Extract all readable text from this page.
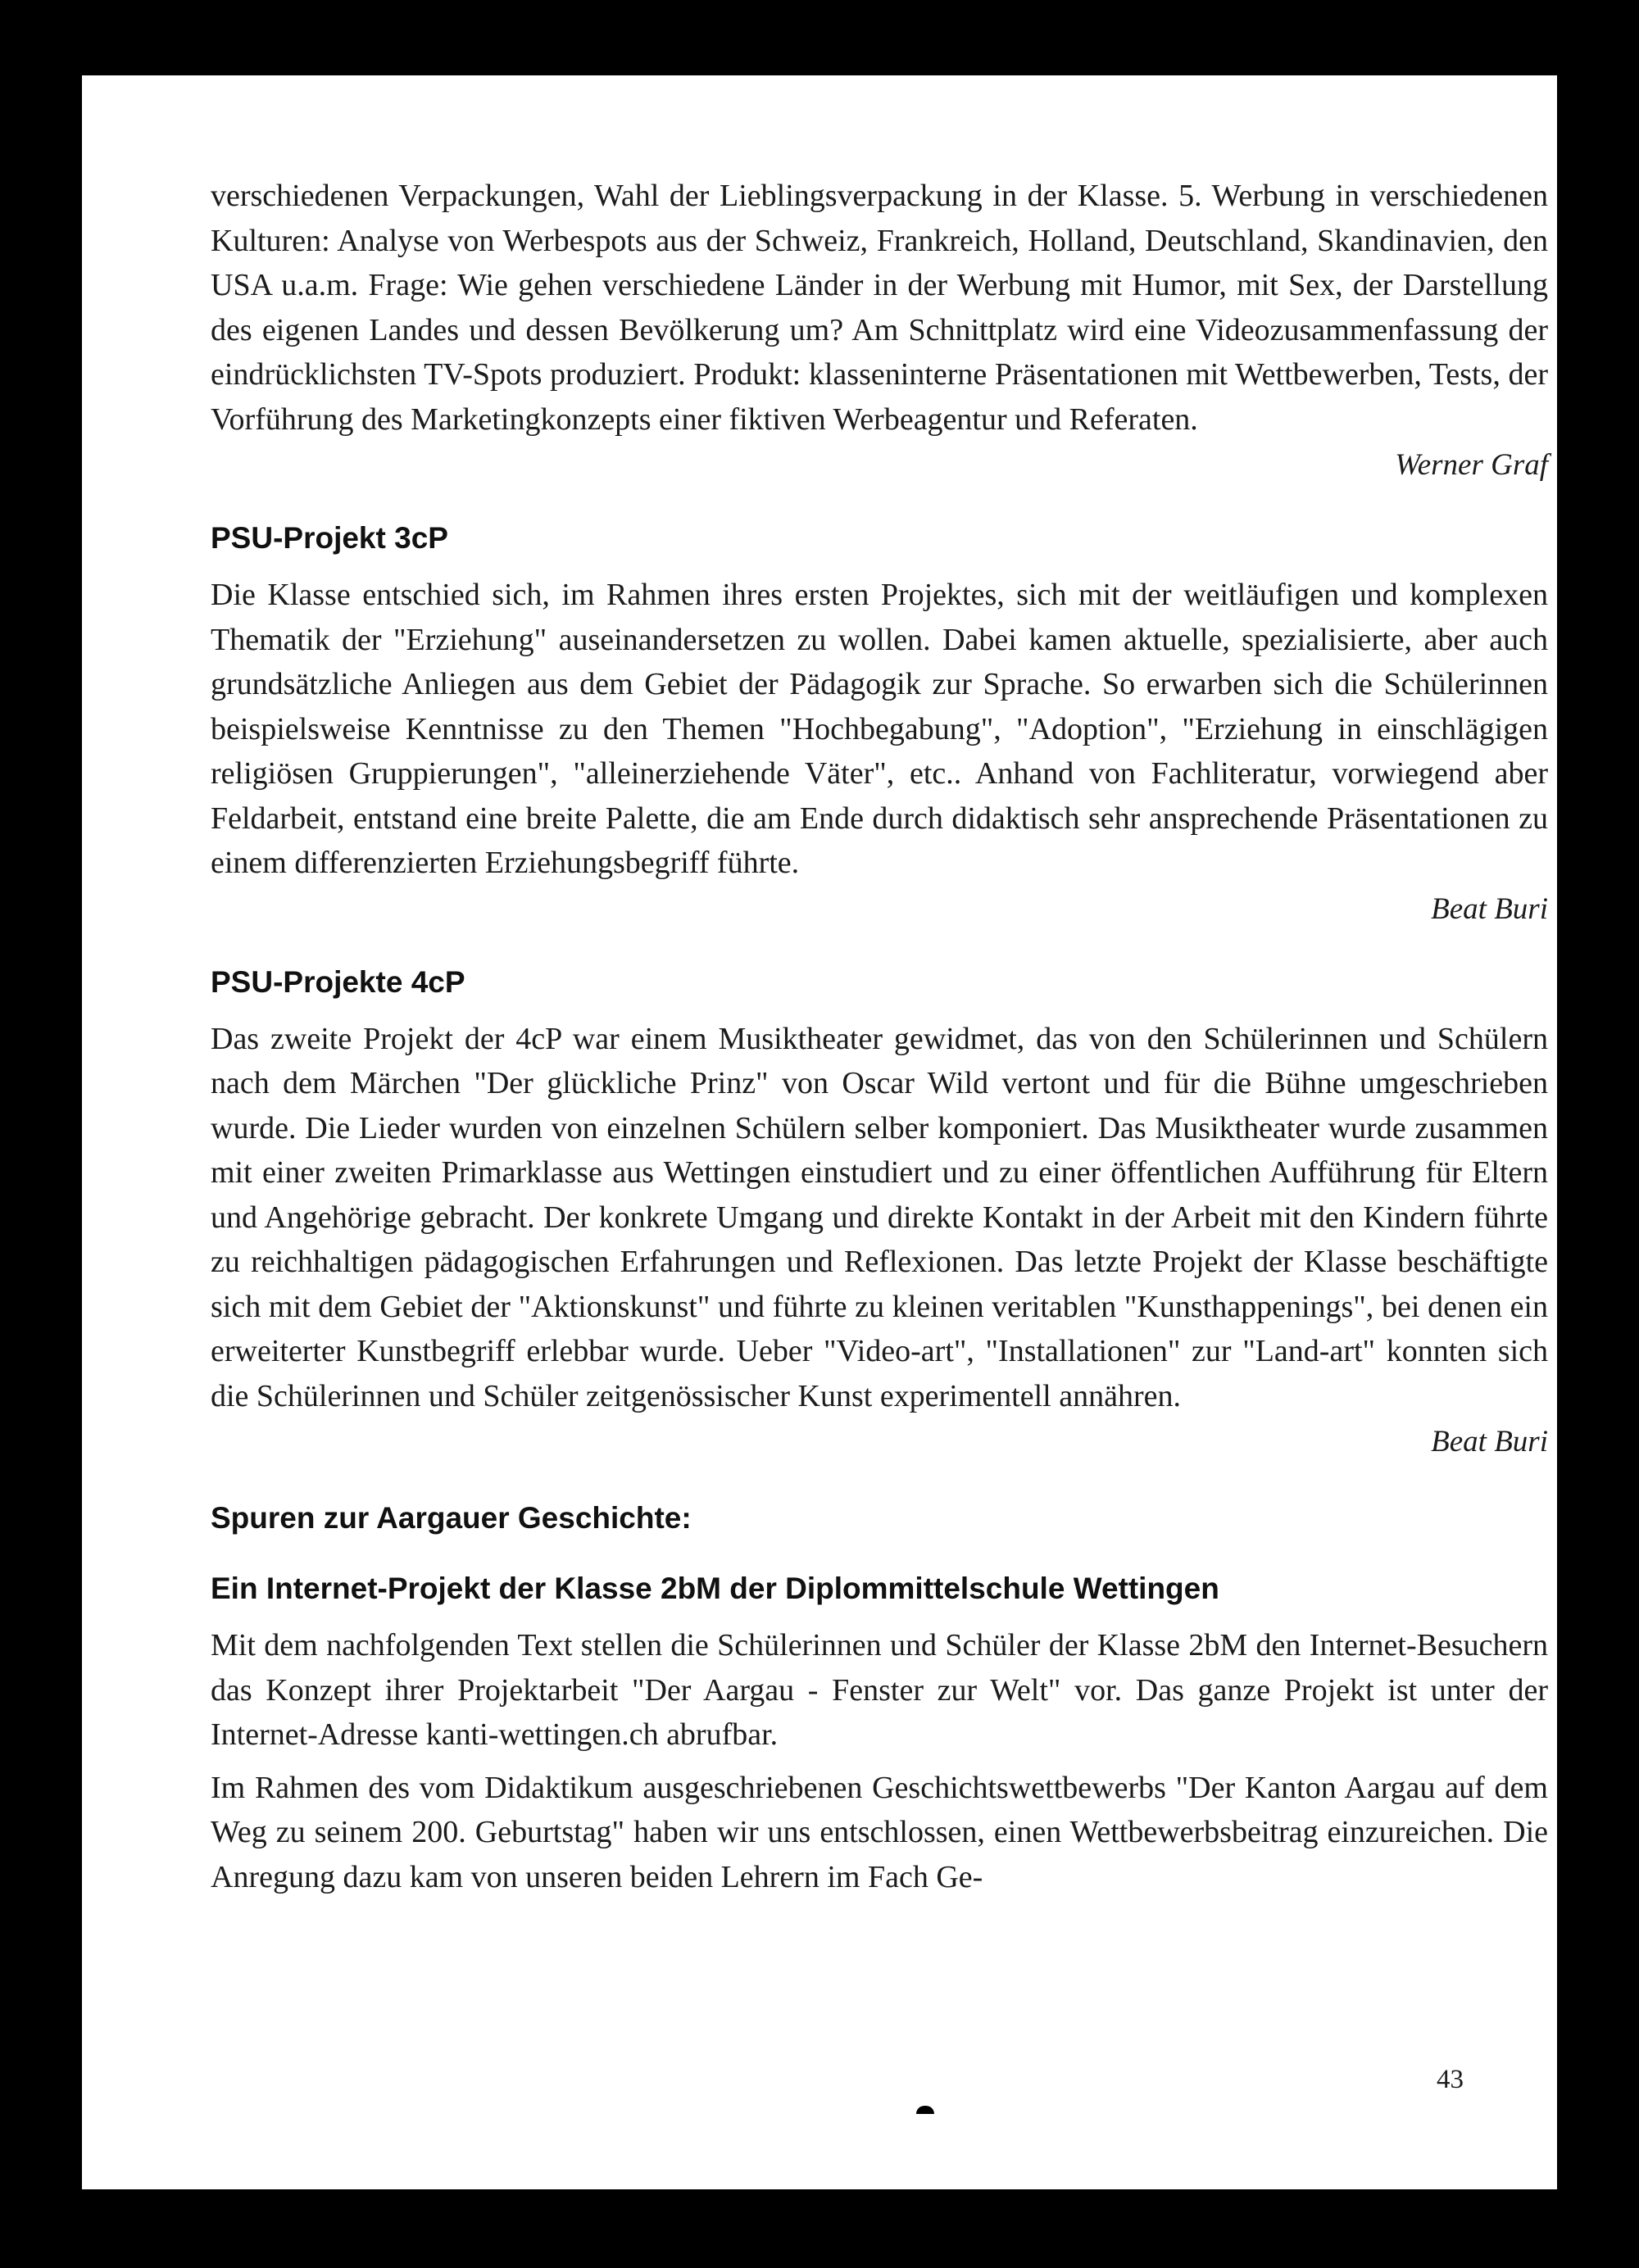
verschiedenen Verpackungen, Wahl der Lieblingsverpackung in der Klasse. 5. Werbung in verschiedenen Kulturen: Analyse von Werbespots aus der Schweiz, Frankreich, Holland, Deutschland, Skandinavien, den USA u.a.m. Frage: Wie gehen verschiedene Länder in der Werbung mit Humor, mit Sex, der Darstellung des eigenen Landes und dessen Bevölkerung um? Am Schnittplatz wird eine Videozusammenfassung der eindrücklichsten TV-Spots produziert. Produkt: klasseninterne Präsentationen mit Wettbewerben, Tests, der Vorführung des Marketingkonzepts einer fiktiven Werbeagentur und Referaten.

Werner Graf

PSU-Projekt 3cP

Die Klasse entschied sich, im Rahmen ihres ersten Projektes, sich mit der weitläufigen und komplexen Thematik der "Erziehung" auseinandersetzen zu wollen. Dabei kamen aktuelle, spezialisierte, aber auch grundsätzliche Anliegen aus dem Gebiet der Pädagogik zur Sprache. So erwarben sich die Schülerinnen beispielsweise Kenntnisse zu den Themen "Hochbegabung", "Adoption", "Erziehung in einschlägigen religiösen Gruppierungen", "alleinerziehende Väter", etc.. Anhand von Fachliteratur, vorwiegend aber Feldarbeit, entstand eine breite Palette, die am Ende durch didaktisch sehr ansprechende Präsentationen zu einem differenzierten Erziehungsbegriff führte.

Beat Buri

PSU-Projekte 4cP

Das zweite Projekt der 4cP war einem Musiktheater gewidmet, das von den Schülerinnen und Schülern nach dem Märchen "Der glückliche Prinz" von Oscar Wild vertont und für die Bühne umgeschrieben wurde. Die Lieder wurden von einzelnen Schülern selber komponiert. Das Musiktheater wurde zusammen mit einer zweiten Primarklasse aus Wettingen einstudiert und zu einer öffentlichen Aufführung für Eltern und Angehörige gebracht. Der konkrete Umgang und direkte Kontakt in der Arbeit mit den Kindern führte zu reichhaltigen pädagogischen Erfahrungen und Reflexionen. Das letzte Projekt der Klasse beschäftigte sich mit dem Gebiet der "Aktionskunst" und führte zu kleinen veritablen "Kunsthappenings", bei denen ein erweiterter Kunstbegriff erlebbar wurde. Ueber "Video-art", "Installationen" zur "Land-art" konnten sich die Schülerinnen und Schüler zeitgenössischer Kunst experimentell annähren.

Beat Buri

Spuren zur Aargauer Geschichte:
Ein Internet-Projekt der Klasse 2bM der Diplommittelschule Wettingen

Mit dem nachfolgenden Text stellen die Schülerinnen und Schüler der Klasse 2bM den Internet-Besuchern das Konzept ihrer Projektarbeit "Der Aargau - Fenster zur Welt" vor. Das ganze Projekt ist unter der Internet-Adresse kanti-wettingen.ch abrufbar.

Im Rahmen des vom Didaktikum ausgeschriebenen Geschichtswettbewerbs "Der Kanton Aargau auf dem Weg zu seinem 200. Geburtstag" haben wir uns entschlossen, einen Wettbewerbsbeitrag einzureichen. Die Anregung dazu kam von unseren beiden Lehrern im Fach Ge-

43
